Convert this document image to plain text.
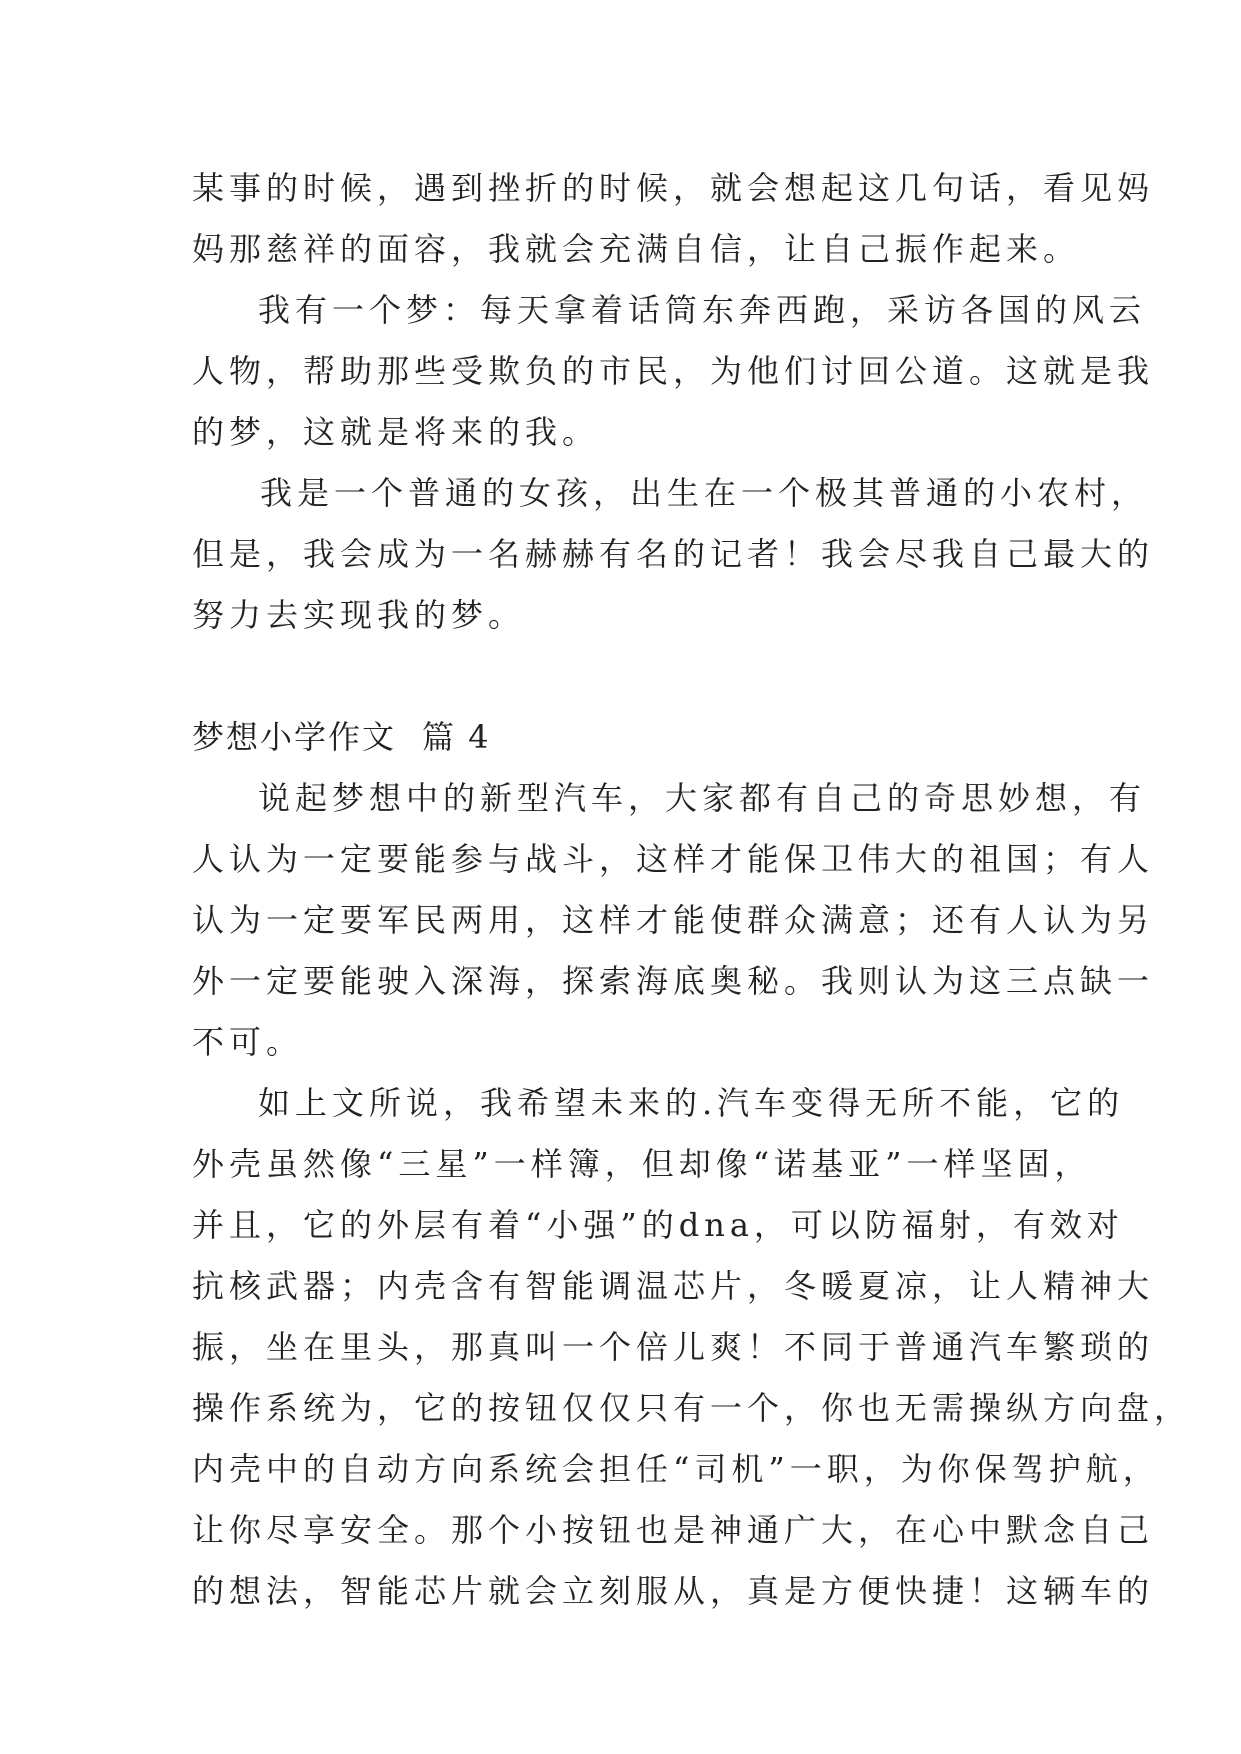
某事的时候，遇到挫折的时候，就会想起这几句话，看见妈
妈那慈祥的面容，我就会充满自信，让自己振作起来。
我有一个梦：每天拿着话筒东奔西跑，采访各国的风云
人物，帮助那些受欺负的市民，为他们讨回公道。这就是我
的梦，这就是将来的我。
我是一个普通的女孩，出生在一个极其普通的小农村，
但是，我会成为一名赫赫有名的记者！我会尽我自己最大的
努力去实现我的梦。
梦想小学作文 篇 4
说起梦想中的新型汽车，大家都有自己的奇思妙想，有
人认为一定要能参与战斗，这样才能保卫伟大的祖国；有人
认为一定要军民两用，这样才能使群众满意；还有人认为另
外一定要能驶入深海，探索海底奥秘。我则认为这三点缺一
不可。
如上文所说，我希望未来的.汽车变得无所不能，它的
外壳虽然像“三星”一样簿，但却像“诺基亚”一样坚固，
并且，它的外层有着“小强”的dna，可以防福射，有效对
抗核武器；内壳含有智能调温芯片，冬暖夏凉，让人精神大
振，坐在里头，那真叫一个倍儿爽！不同于普通汽车繁琐的
操作系统为，它的按钮仅仅只有一个，你也无需操纵方向盘，
内壳中的自动方向系统会担任“司机”一职，为你保驾护航，
让你尽享安全。那个小按钮也是神通广大，在心中默念自己
的想法，智能芯片就会立刻服从，真是方便快捷！这辆车的
